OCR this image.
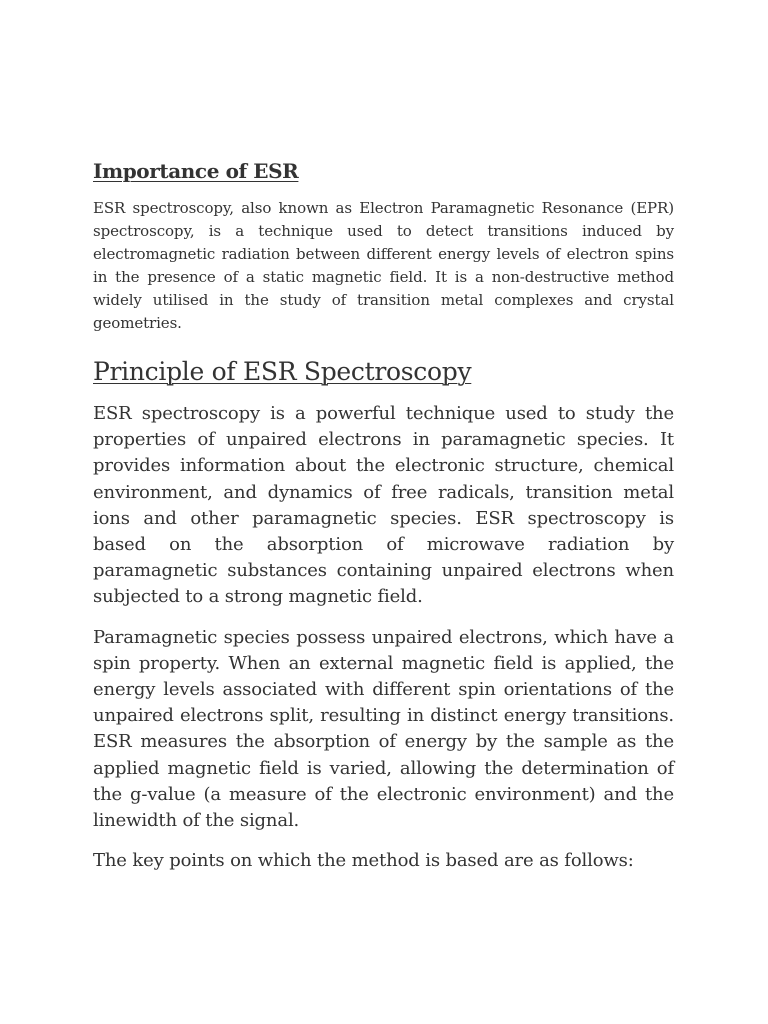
Importance of ESR

ESR spectroscopy, also known as Electron Paramagnetic Resonance (EPR) spectroscopy, is a technique used to detect transitions induced by electromagnetic radiation between different energy levels of electron spins in the presence of a static magnetic field. It is a non-destructive method widely utilised in the study of transition metal complexes and crystal geometries.

Principle of ESR Spectroscopy

ESR spectroscopy is a powerful technique used to study the properties of unpaired electrons in paramagnetic species. It provides information about the electronic structure, chemical environment, and dynamics of free radicals, transition metal ions and other paramagnetic species. ESR spectroscopy is based on the absorption of microwave radiation by paramagnetic substances containing unpaired electrons when subjected to a strong magnetic field.

Paramagnetic species possess unpaired electrons, which have a spin property. When an external magnetic field is applied, the energy levels associated with different spin orientations of the unpaired electrons split, resulting in distinct energy transitions. ESR measures the absorption of energy by the sample as the applied magnetic field is varied, allowing the determination of the g-value (a measure of the electronic environment) and the linewidth of the signal.

The key points on which the method is based are as follows:
